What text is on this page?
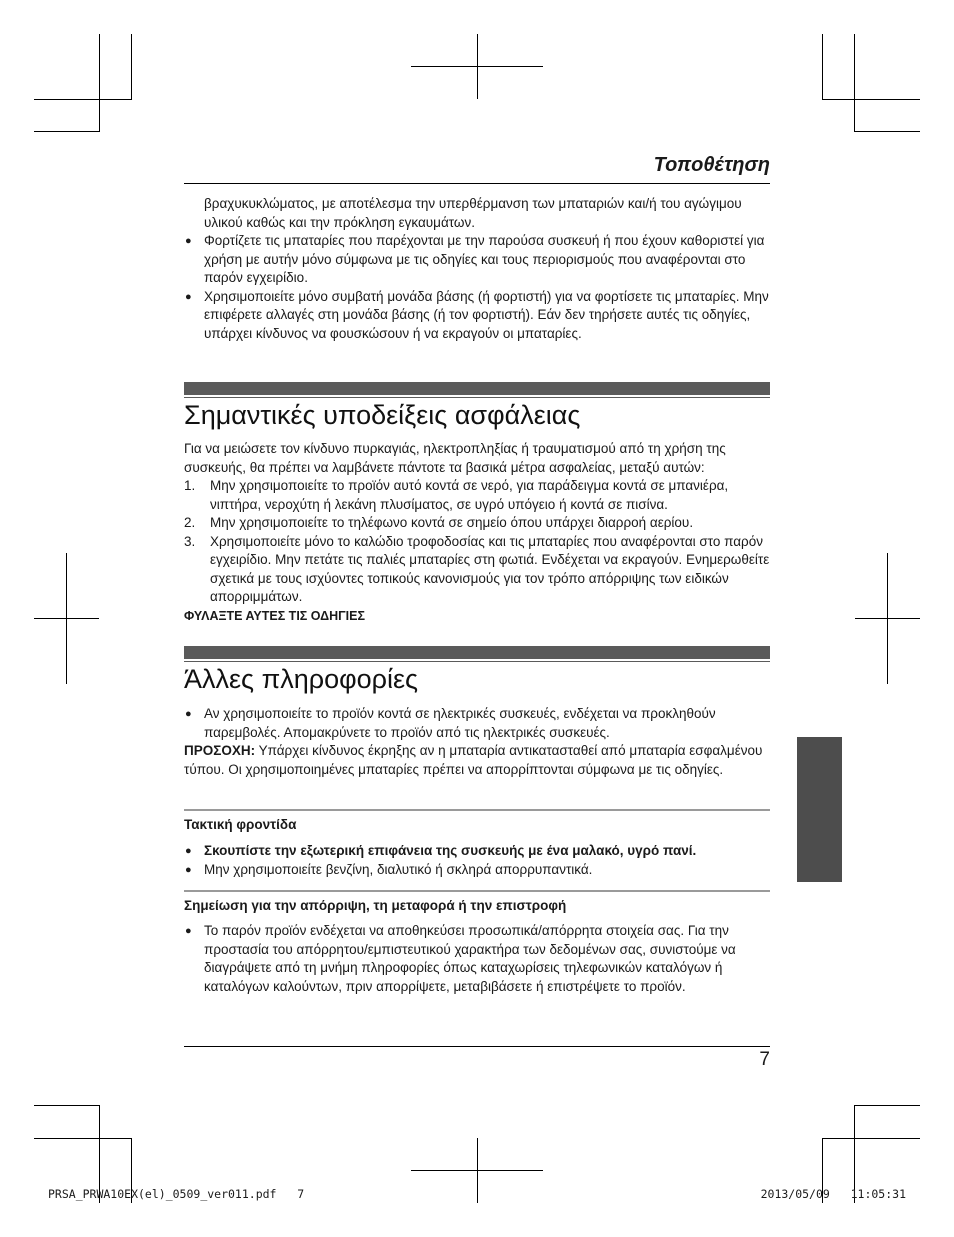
Τοποθέτηση
βραχυκυκλώματος, με αποτέλεσμα την υπερθέρμανση των μπαταριών και/ή του αγώγιμου υλικού καθώς και την πρόκληση εγκαυμάτων.
● Φορτίζετε τις μπαταρίες που παρέχονται με την παρούσα συσκευή ή που έχουν καθοριστεί για χρήση με αυτήν μόνο σύμφωνα με τις οδηγίες και τους περιορισμούς που αναφέρονται στο παρόν εγχειρίδιο.
● Χρησιμοποιείτε μόνο συμβατή μονάδα βάσης (ή φορτιστή) για να φορτίσετε τις μπαταρίες. Μην επιφέρετε αλλαγές στη μονάδα βάσης (ή τον φορτιστή). Εάν δεν τηρήσετε αυτές τις οδηγίες, υπάρχει κίνδυνος να φουσκώσουν ή να εκραγούν οι μπαταρίες.
Σημαντικές υποδείξεις ασφάλειας
Για να μειώσετε τον κίνδυνο πυρκαγιάς, ηλεκτροπληξίας ή τραυματισμού από τη χρήση της συσκευής, θα πρέπει να λαμβάνετε πάντοτε τα βασικά μέτρα ασφαλείας, μεταξύ αυτών:
1. Μην χρησιμοποιείτε το προϊόν αυτό κοντά σε νερό, για παράδειγμα κοντά σε μπανιέρα, νιπτήρα, νεροχύτη ή λεκάνη πλυσίματος, σε υγρό υπόγειο ή κοντά σε πισίνα.
2. Μην χρησιμοποιείτε το τηλέφωνο κοντά σε σημείο όπου υπάρχει διαρροή αερίου.
3. Χρησιμοποιείτε μόνο το καλώδιο τροφοδοσίας και τις μπαταρίες που αναφέρονται στο παρόν εγχειρίδιο. Μην πετάτε τις παλιές μπαταρίες στη φωτιά. Ενδέχεται να εκραγούν. Ενημερωθείτε σχετικά με τους ισχύοντες τοπικούς κανονισμούς για τον τρόπο απόρριψης των ειδικών απορριμμάτων.
ΦΥΛΑΞΤΕ ΑΥΤΕΣ ΤΙΣ ΟΔΗΓΙΕΣ
Άλλες πληροφορίες
● Αν χρησιμοποιείτε το προϊόν κοντά σε ηλεκτρικές συσκευές, ενδέχεται να προκληθούν παρεμβολές. Απομακρύνετε το προϊόν από τις ηλεκτρικές συσκευές.
ΠΡΟΣΟΧΗ: Υπάρχει κίνδυνος έκρηξης αν η μπαταρία αντικατασταθεί από μπαταρία εσφαλμένου τύπου. Οι χρησιμοποιημένες μπαταρίες πρέπει να απορρίπτονται σύμφωνα με τις οδηγίες.
Τακτική φροντίδα
● Σκουπίστε την εξωτερική επιφάνεια της συσκευής με ένα μαλακό, υγρό πανί.
● Μην χρησιμοποιείτε βενζίνη, διαλυτικό ή σκληρά απορρυπαντικά.
Σημείωση για την απόρριψη, τη μεταφορά ή την επιστροφή
● Το παρόν προϊόν ενδέχεται να αποθηκεύσει προσωπικά/απόρρητα στοιχεία σας. Για την προστασία του απόρρητου/εμπιστευτικού χαρακτήρα των δεδομένων σας, συνιστούμε να διαγράψετε από τη μνήμη πληροφορίες όπως καταχωρίσεις τηλεφωνικών καταλόγων ή καταλόγων καλούντων, πριν απορρίψετε, μεταβιβάσετε ή επιστρέψετε το προϊόν.
7
PRSA_PRWA10EX(el)_0509_ver011.pdf   7	2013/05/09   11:05:31
